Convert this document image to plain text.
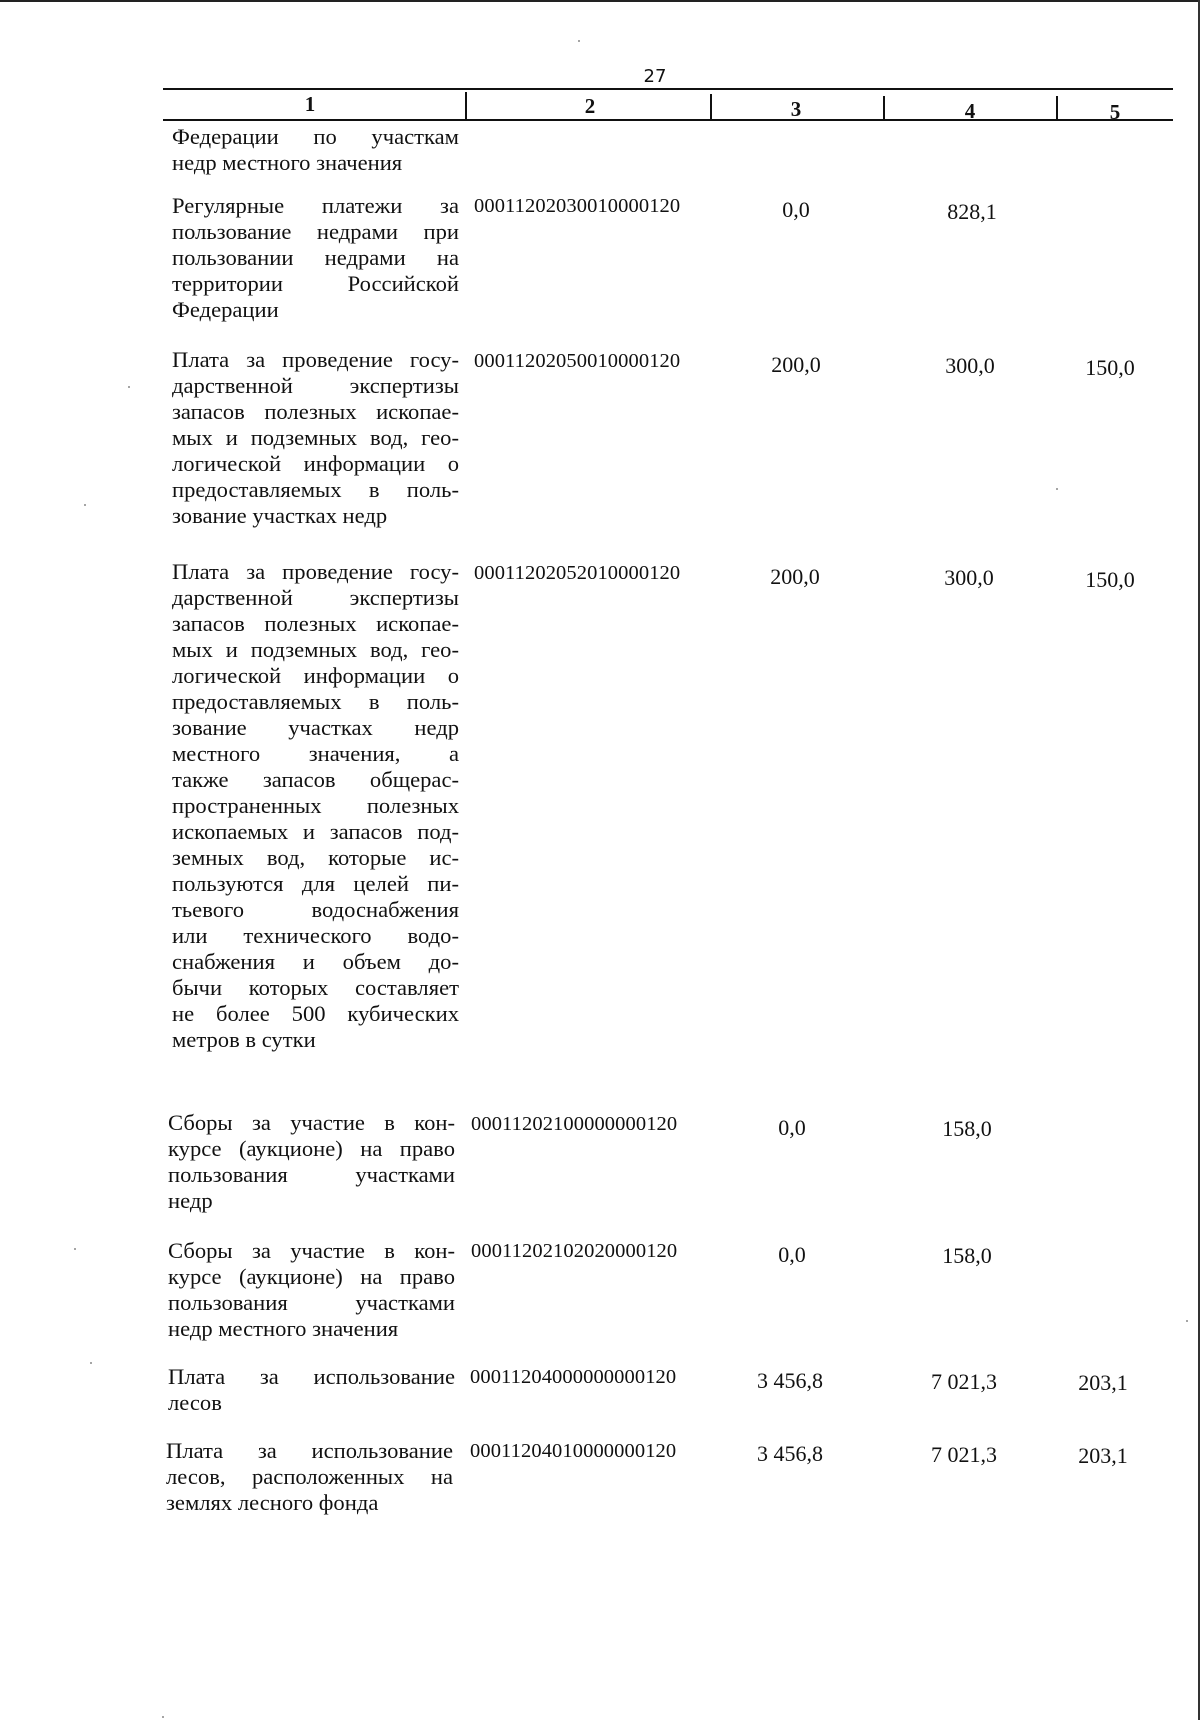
27
1	2	3	4	5
Федерации по участкам
недр местного значения
Регулярные платежи за
пользование недрами при
пользовании недрами на
территории Российской
Федерации
00011202030010000120	0,0	828,1
Плата за проведение госу-
дарственной экспертизы
запасов полезных ископае-
мых и подземных вод, гео-
логической информации о
предоставляемых в поль-
зование участках недр
00011202050010000120	200,0	300,0	150,0
Плата за проведение госу-
дарственной экспертизы
запасов полезных ископае-
мых и подземных вод, гео-
логической информации о
предоставляемых в поль-
зование участках недр
местного значения, а
также запасов общерас-
пространенных полезных
ископаемых и запасов под-
земных вод, которые ис-
пользуются для целей пи-
тьевого водоснабжения
или технического водо-
снабжения и объем до-
бычи которых составляет
не более 500 кубических
метров в сутки
00011202052010000120	200,0	300,0	150,0
Сборы за участие в кон-
курсе (аукционе) на право
пользования участками
недр
00011202100000000120	0,0	158,0
Сборы за участие в кон-
курсе (аукционе) на право
пользования участками
недр местного значения
00011202102020000120	0,0	158,0
Плата за использование
лесов
00011204000000000120	3 456,8	7 021,3	203,1
Плата за использование
лесов, расположенных на
землях лесного фонда
00011204010000000120	3 456,8	7 021,3	203,1
